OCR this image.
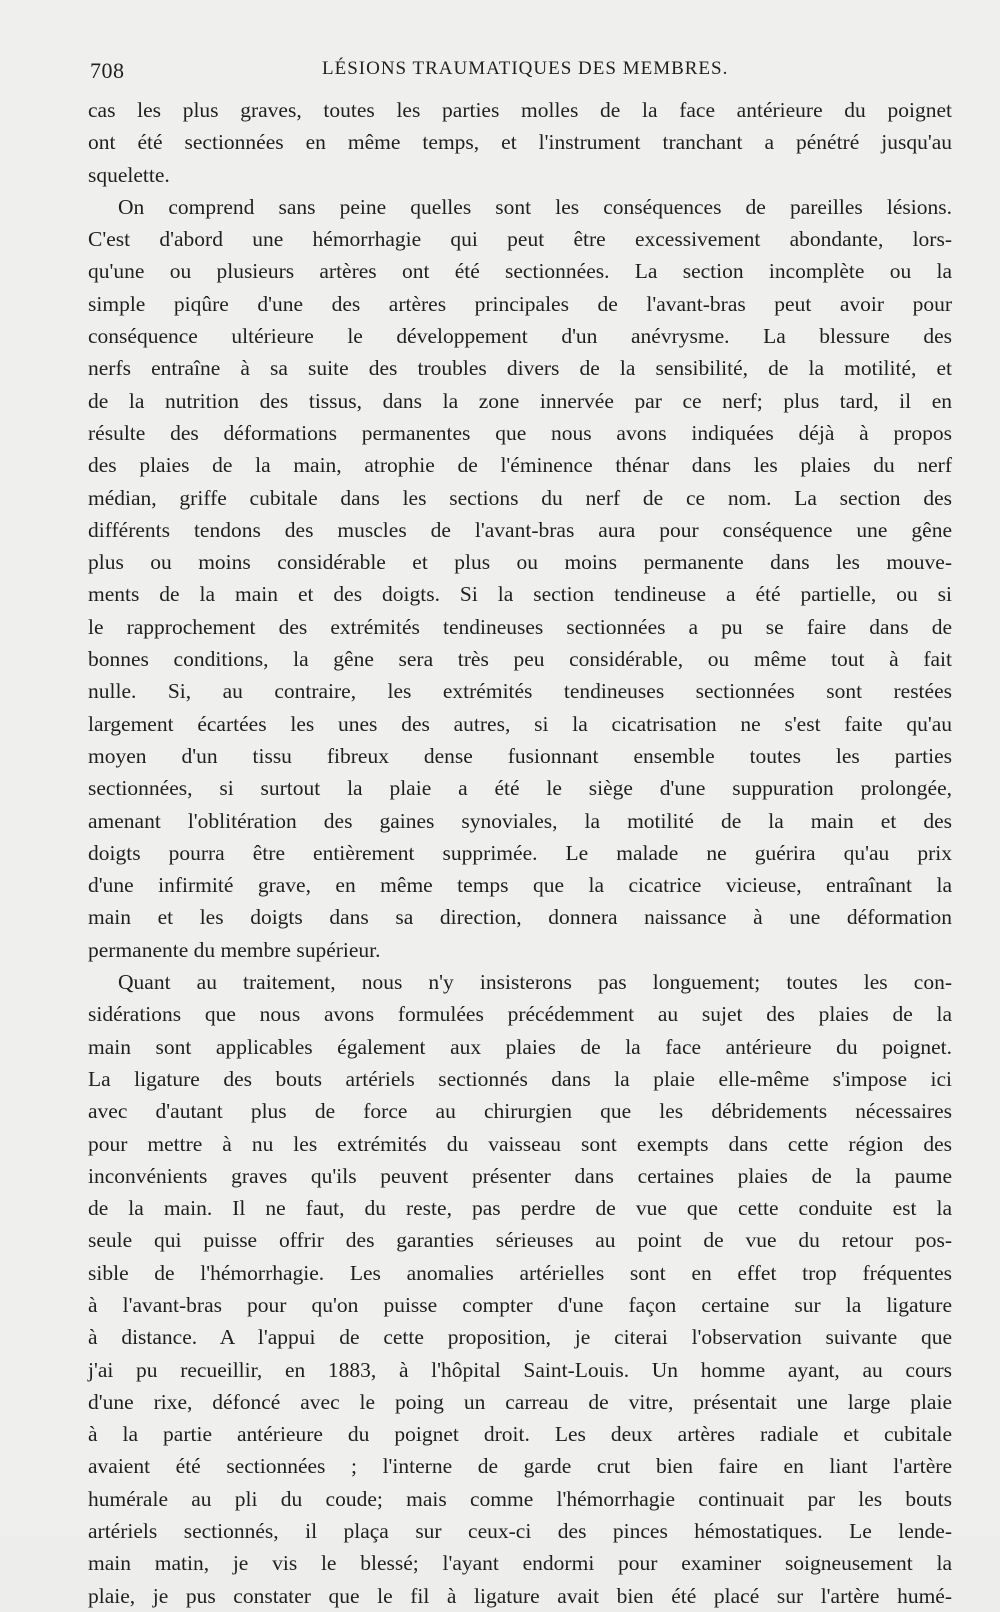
708	LÉSIONS TRAUMATIQUES DES MEMBRES.
cas les plus graves, toutes les parties molles de la face antérieure du poignet
ont été sectionnées en même temps, et l'instrument tranchant a pénétré jusqu'au
squelette.
On comprend sans peine quelles sont les conséquences de pareilles lésions.
C'est d'abord une hémorrhagie qui peut être excessivement abondante, lors-
qu'une ou plusieurs artères ont été sectionnées. La section incomplète ou la
simple piqûre d'une des artères principales de l'avant-bras peut avoir pour
conséquence ultérieure le développement d'un anévrysme. La blessure des
nerfs entraîne à sa suite des troubles divers de la sensibilité, de la motilité, et
de la nutrition des tissus, dans la zone innervée par ce nerf; plus tard, il en
résulte des déformations permanentes que nous avons indiquées déjà à propos
des plaies de la main, atrophie de l'éminence thénar dans les plaies du nerf
médian, griffe cubitale dans les sections du nerf de ce nom. La section des
différents tendons des muscles de l'avant-bras aura pour conséquence une gêne
plus ou moins considérable et plus ou moins permanente dans les mouve-
ments de la main et des doigts. Si la section tendineuse a été partielle, ou si
le rapprochement des extrémités tendineuses sectionnées a pu se faire dans de
bonnes conditions, la gêne sera très peu considérable, ou même tout à fait
nulle. Si, au contraire, les extrémités tendineuses sectionnées sont restées
largement écartées les unes des autres, si la cicatrisation ne s'est faite qu'au
moyen d'un tissu fibreux dense fusionnant ensemble toutes les parties
sectionnées, si surtout la plaie a été le siège d'une suppuration prolongée,
amenant l'oblitération des gaines synoviales, la motilité de la main et des
doigts pourra être entièrement supprimée. Le malade ne guérira qu'au prix
d'une infirmité grave, en même temps que la cicatrice vicieuse, entraînant la
main et les doigts dans sa direction, donnera naissance à une déformation
permanente du membre supérieur.
Quant au traitement, nous n'y insisterons pas longuement; toutes les con-
sidérations que nous avons formulées précédemment au sujet des plaies de la
main sont applicables également aux plaies de la face antérieure du poignet.
La ligature des bouts artériels sectionnés dans la plaie elle-même s'impose ici
avec d'autant plus de force au chirurgien que les débridements nécessaires
pour mettre à nu les extrémités du vaisseau sont exempts dans cette région des
inconvénients graves qu'ils peuvent présenter dans certaines plaies de la paume
de la main. Il ne faut, du reste, pas perdre de vue que cette conduite est la
seule qui puisse offrir des garanties sérieuses au point de vue du retour pos-
sible de l'hémorrhagie. Les anomalies artérielles sont en effet trop fréquentes
à l'avant-bras pour qu'on puisse compter d'une façon certaine sur la ligature
à distance. A l'appui de cette proposition, je citerai l'observation suivante que
j'ai pu recueillir, en 1883, à l'hôpital Saint-Louis. Un homme ayant, au cours
d'une rixe, défoncé avec le poing un carreau de vitre, présentait une large plaie
à la partie antérieure du poignet droit. Les deux artères radiale et cubitale
avaient été sectionnées ; l'interne de garde crut bien faire en liant l'artère
humérale au pli du coude; mais comme l'hémorrhagie continuait par les bouts
artériels sectionnés, il plaça sur ceux-ci des pinces hémostatiques. Le lende-
main matin, je vis le blessé; l'ayant endormi pour examiner soigneusement la
plaie, je pus constater que le fil à ligature avait bien été placé sur l'artère humé-
